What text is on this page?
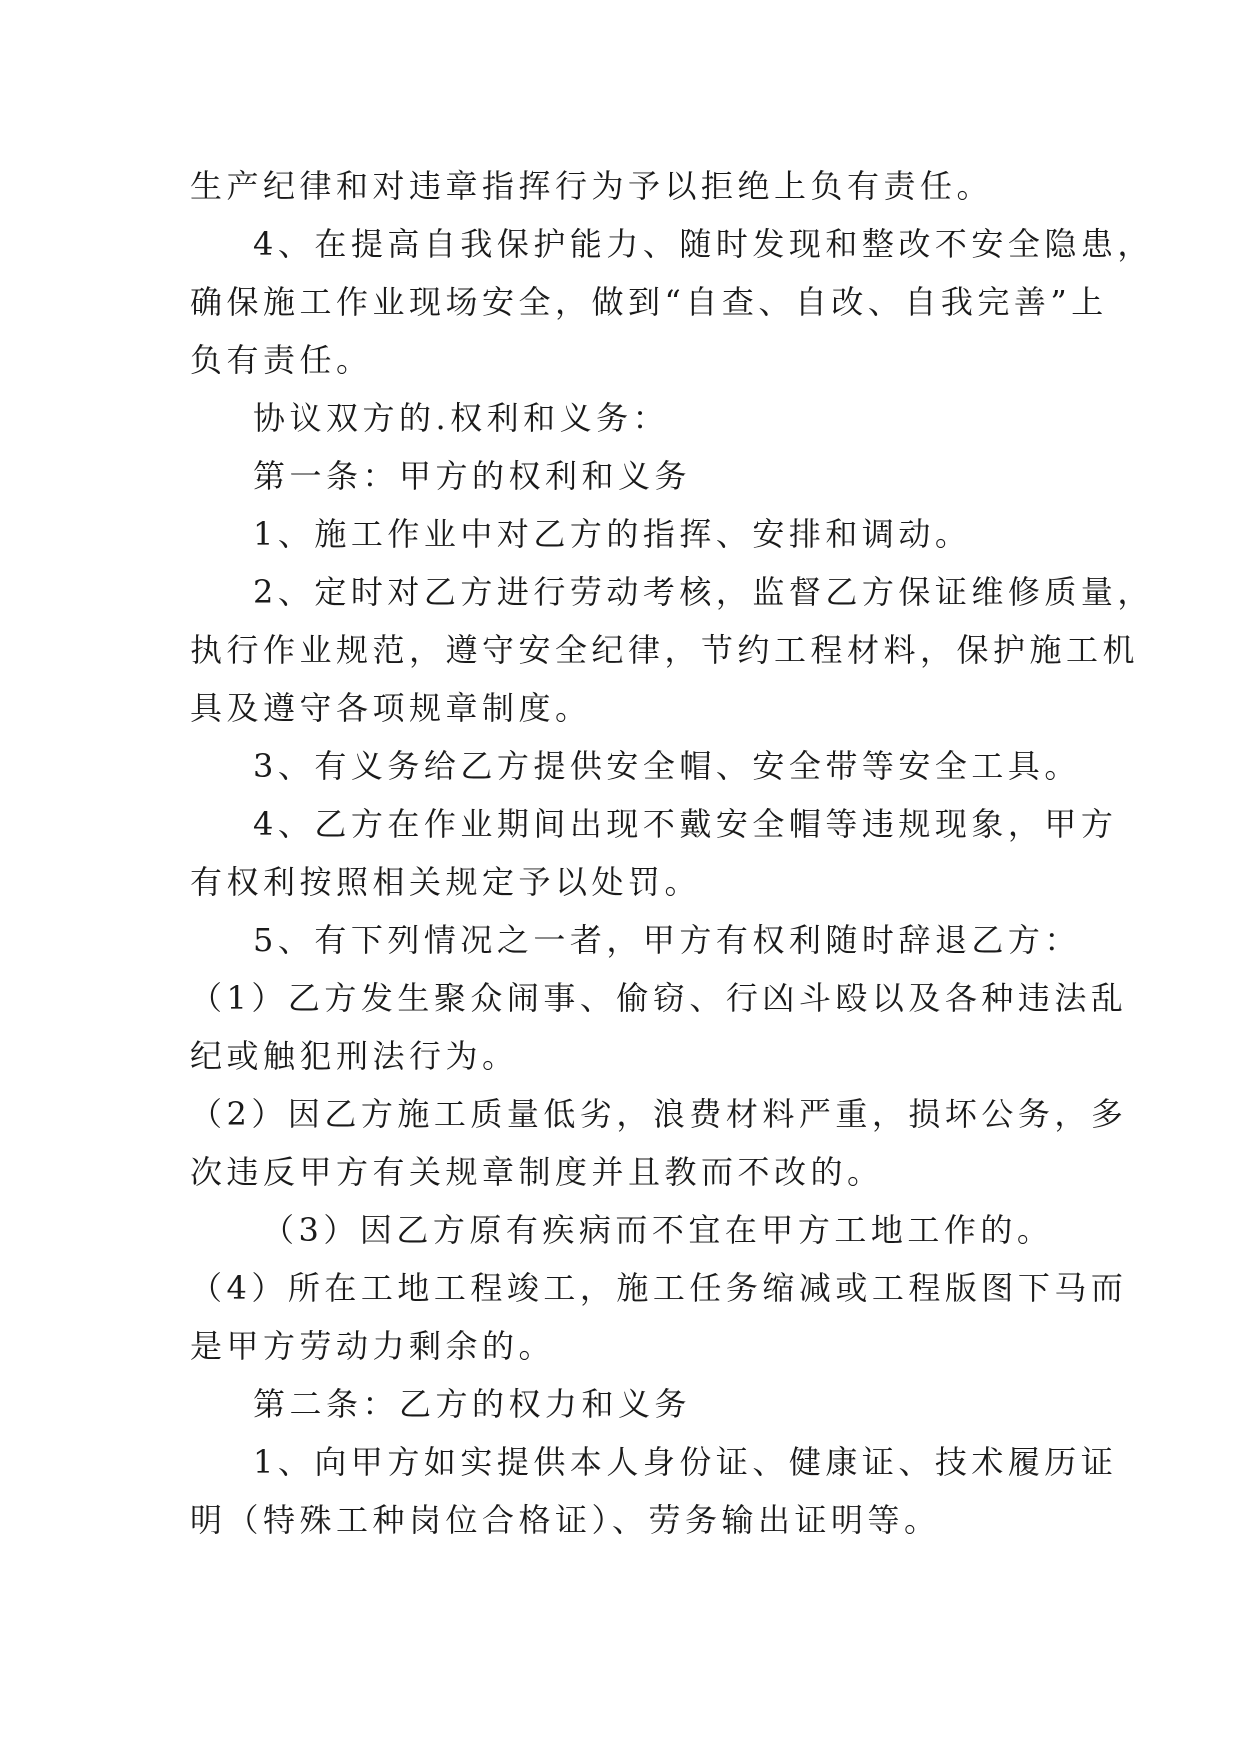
生产纪律和对违章指挥行为予以拒绝上负有责任。
4、在提高自我保护能力、随时发现和整改不安全隐患，
确保施工作业现场安全，做到“自查、自改、自我完善”上
负有责任。
协议双方的.权利和义务：
第一条：甲方的权利和义务
1、施工作业中对乙方的指挥、安排和调动。
2、定时对乙方进行劳动考核，监督乙方保证维修质量，
执行作业规范，遵守安全纪律，节约工程材料，保护施工机
具及遵守各项规章制度。
3、有义务给乙方提供安全帽、安全带等安全工具。
4、乙方在作业期间出现不戴安全帽等违规现象，甲方
有权利按照相关规定予以处罚。
5、有下列情况之一者，甲方有权利随时辞退乙方：
（1）乙方发生聚众闹事、偷窃、行凶斗殴以及各种违法乱
纪或触犯刑法行为。
（2）因乙方施工质量低劣，浪费材料严重，损坏公务，多
次违反甲方有关规章制度并且教而不改的。
（3）因乙方原有疾病而不宜在甲方工地工作的。
（4）所在工地工程竣工，施工任务缩减或工程版图下马而
是甲方劳动力剩余的。
第二条：乙方的权力和义务
1、向甲方如实提供本人身份证、健康证、技术履历证
明（特殊工种岗位合格证）、劳务输出证明等。
